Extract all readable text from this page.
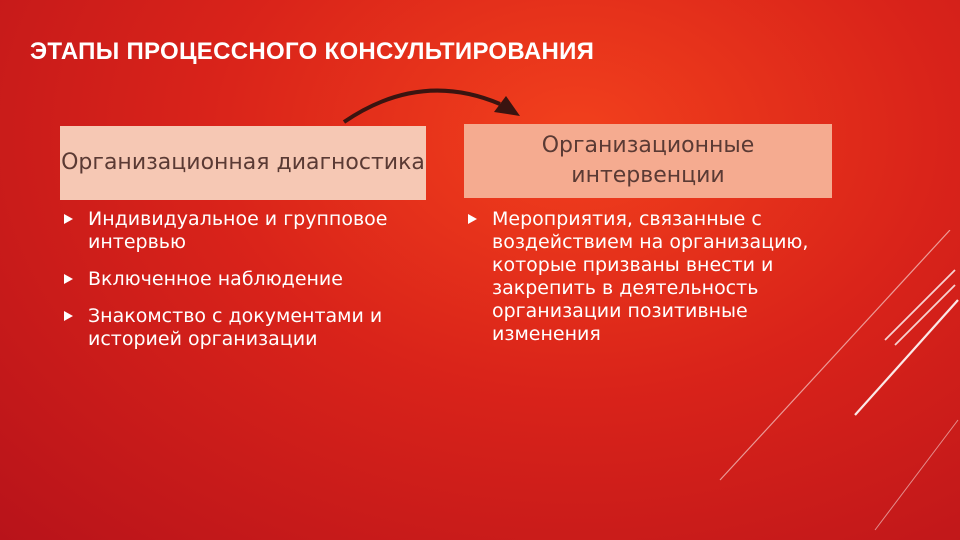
ЭТАПЫ ПРОЦЕССНОГО КОНСУЛЬТИРОВАНИЯ
Организационная диагностика
Организационные интервенции
Индивидуальное и групповое интервью
Включенное наблюдение
Знакомство с документами и историей организации
Мероприятия, связанные с воздействием на организацию, которые призваны внести и закрепить в деятельность организации позитивные изменения
